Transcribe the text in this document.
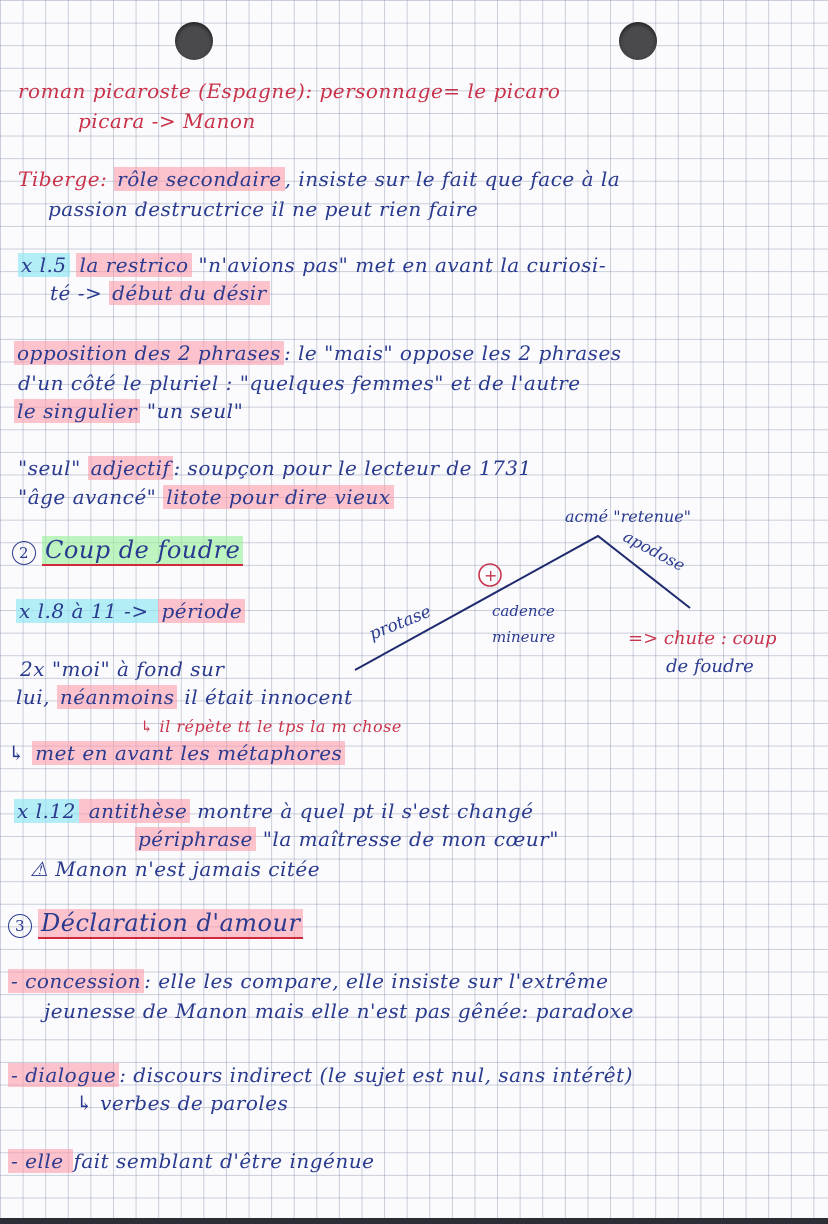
roman picaroste (Espagne): personnage= le picaro
picara -> Manon
Tiberge: rôle secondaire , insiste sur le fait que face à la
passion destructrice il ne peut rien faire
x l.5 la restrico "n'avions pas" met en avant la curiosi-
té -> début du désir
opposition des 2 phrases : le "mais" oppose les 2 phrases
d'un côté le pluriel : "quelques femmes" et de l'autre
le singulier "un seul"
"seul" adjectif : soupçon pour le lecteur de 1731
"âge avancé" litote pour dire vieux
2 Coup de foudre
x l.8 à 11 -> période
2x "moi" à fond sur
lui, néanmoins il était innocent
↳ il répète tt le tps la m chose
↳ met en avant les métaphores
x l.12 antithèse montre à quel pt il s'est changé
périphrase "la maîtresse de mon cœur"
⚠ Manon n'est jamais citée
3 Déclaration d'amour
- concession : elle les compare, elle insiste sur l'extrême
jeunesse de Manon mais elle n'est pas gênée: paradoxe
- dialogue : discours indirect (le sujet est nul, sans intérêt)
↳ verbes de paroles
- elle fait semblant d'être ingénue
+
acmé "retenue"
apodose
protase	cadence
mineure	=> chute : coup
de foudre
